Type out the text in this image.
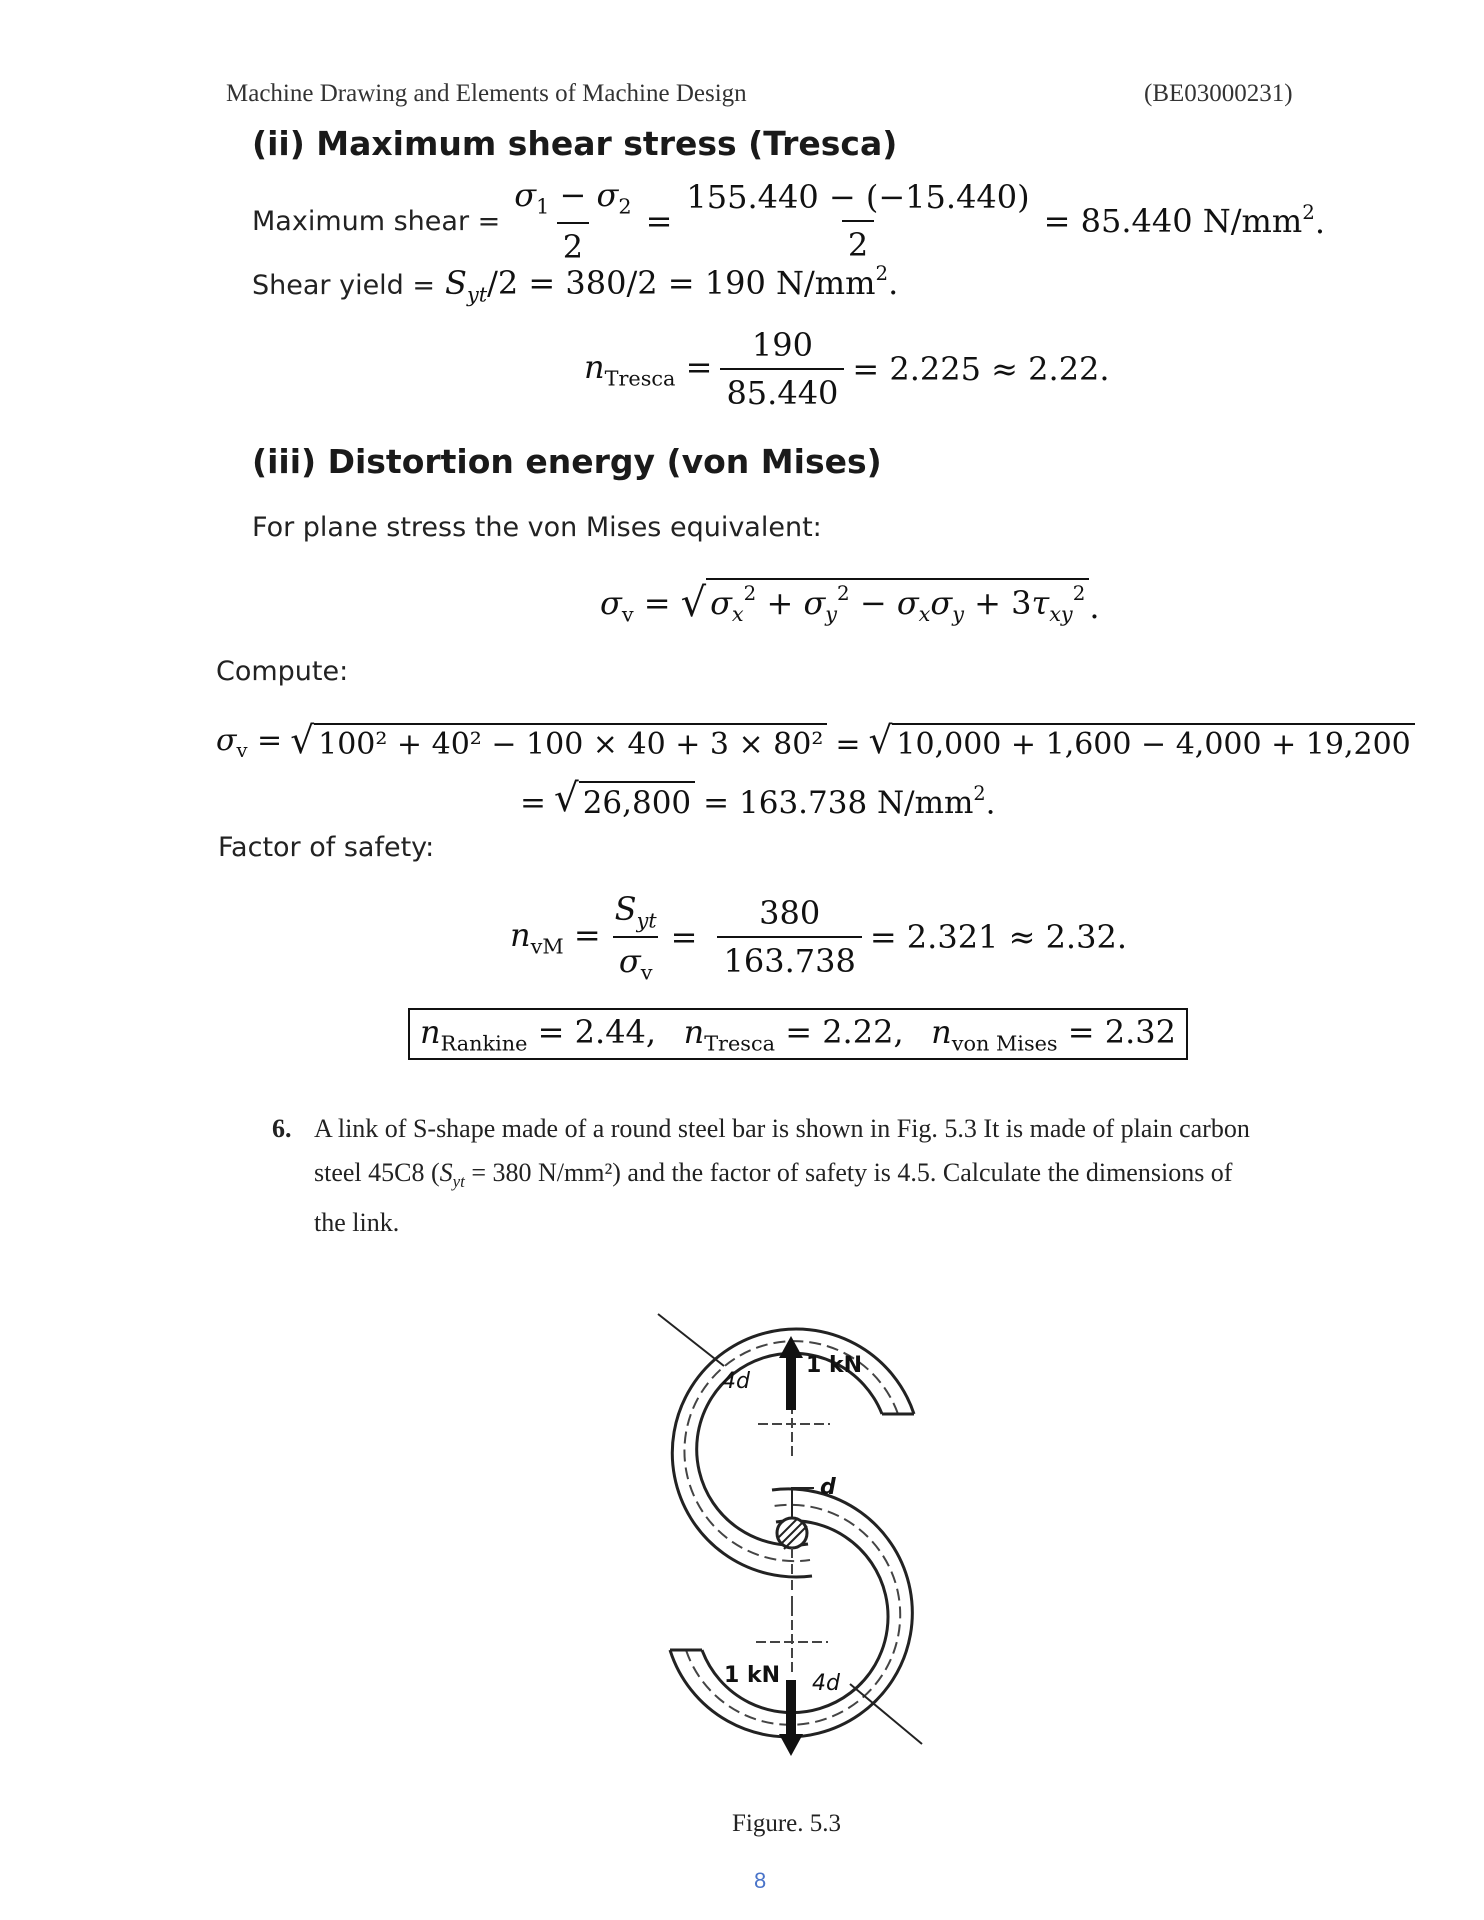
Machine Drawing and Elements of Machine Design	(BE03000231)
(ii) Maximum shear stress (Tresca)
Maximum shear = $\frac{\sigma_1 - \sigma_2}{2} = \frac{155.440 - (-15.440)}{2} = 85.440$ N/mm $^2$.
Shear yield = $S_{yt}$ /2 = 380/2 = 190 N/mm $^2$.
$n_{Tresca} = \frac{190}{85.440} = 2.225 \approx 2.22$.
(iii) Distortion energy (von Mises)
For plane stress the von Mises equivalent:
$\sigma_v$ = √ $\sigma_x^2 + \sigma_y^2 - \sigma_x\sigma_y + 3\tau_{xy}^2$ .
Compute:
$\sigma_v$ = √ 100² + 40² − 100 × 40 + 3 × 80² = √ 10,000 + 1,600 − 4,000 + 19,200
= √ 26,800 = 163.738 N/mm $^2$.
Factor of safety:
$n_{vM} = \frac{S_{yt}}{\sigma_v} = \frac{380}{163.738} = 2.321 \approx 2.32$.
$n_{Rankine} = 2.44$, $n_{Tresca} = 2.22$, $n_{von Mises} = 2.32$
6. A link of S-shape made of a round steel bar is shown in Fig. 5.3 It is made of plain carbon
steel 45C8 ($S_{yt} = 380$ N/mm²) and the factor of safety is 4.5. Calculate the dimensions of
the link.
4d
1 kN
d
1 kN 4d
Figure. 5.3
8
